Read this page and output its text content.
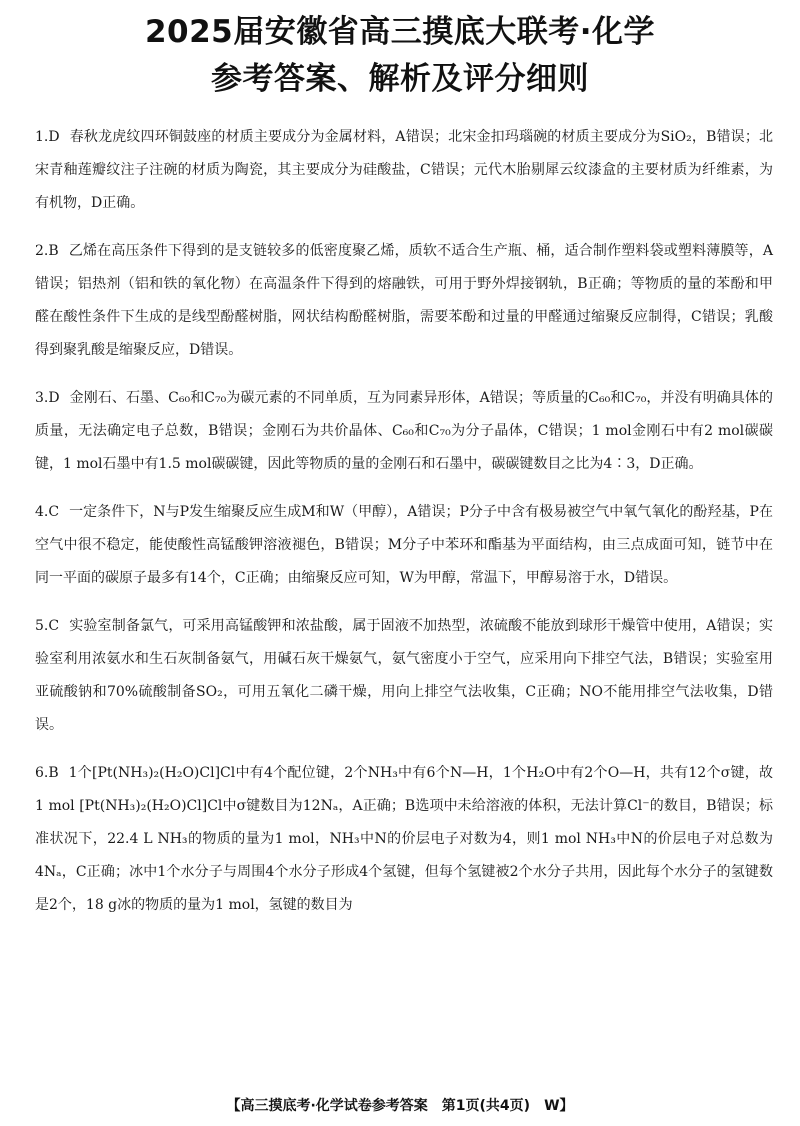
2025届安徽省高三摸底大联考·化学
参考答案、解析及评分细则
1.D 春秋龙虎纹四环铜鼓座的材质主要成分为金属材料，A错误；北宋金扣玛瑙碗的材质主要成分为SiO₂，B错误；北宋青釉莲瓣纹注子注碗的材质为陶瓷，其主要成分为硅酸盐，C错误；元代木胎剔犀云纹漆盒的主要材质为纤维素，为有机物，D正确。
2.B 乙烯在高压条件下得到的是支链较多的低密度聚乙烯，质软不适合生产瓶、桶，适合制作塑料袋或塑料薄膜等，A错误；铝热剂（铝和铁的氧化物）在高温条件下得到的熔融铁，可用于野外焊接钢轨，B正确；等物质的量的苯酚和甲醛在酸性条件下生成的是线型酚醛树脂，网状结构酚醛树脂，需要苯酚和过量的甲醛通过缩聚反应制得，C错误；乳酸得到聚乳酸是缩聚反应，D错误。
3.D 金刚石、石墨、C₆₀和C₇₀为碳元素的不同单质，互为同素异形体，A错误；等质量的C₆₀和C₇₀，并没有明确具体的质量，无法确定电子总数，B错误；金刚石为共价晶体、C₆₀和C₇₀为分子晶体，C错误；1 mol金刚石中有2 mol碳碳键，1 mol石墨中有1.5 mol碳碳键，因此等物质的量的金刚石和石墨中，碳碳键数目之比为4∶3，D正确。
4.C 一定条件下，N与P发生缩聚反应生成M和W（甲醇），A错误；P分子中含有极易被空气中氧气氧化的酚羟基，P在空气中很不稳定，能使酸性高锰酸钾溶液褪色，B错误；M分子中苯环和酯基为平面结构，由三点成面可知，链节中在同一平面的碳原子最多有14个，C正确；由缩聚反应可知，W为甲醇，常温下，甲醇易溶于水，D错误。
5.C 实验室制备氯气，可采用高锰酸钾和浓盐酸，属于固液不加热型，浓硫酸不能放到球形干燥管中使用，A错误；实验室利用浓氨水和生石灰制备氨气，用碱石灰干燥氨气，氨气密度小于空气，应采用向下排空气法，B错误；实验室用亚硫酸钠和70%硫酸制备SO₂，可用五氧化二磷干燥，用向上排空气法收集，C正确；NO不能用排空气法收集，D错误。
6.B 1个[Pt(NH₃)₂(H₂O)Cl]Cl中有4个配位键，2个NH₃中有6个N—H，1个H₂O中有2个O—H，共有12个σ键，故1 mol [Pt(NH₃)₂(H₂O)Cl]Cl中σ键数目为12Nₐ，A正确；B选项中未给溶液的体积，无法计算Cl⁻的数目，B错误；标准状况下，22.4 L NH₃的物质的量为1 mol，NH₃中N的价层电子对数为4，则1 mol NH₃中N的价层电子对总数为4Nₐ，C正确；冰中1个水分子与周围4个水分子形成4个氢键，但每个氢键被2个水分子共用，因此每个水分子的氢键数是2个，18 g冰的物质的量为1 mol，氢键的数目为
【高三摸底考·化学试卷参考答案　第1页(共4页)　W】
